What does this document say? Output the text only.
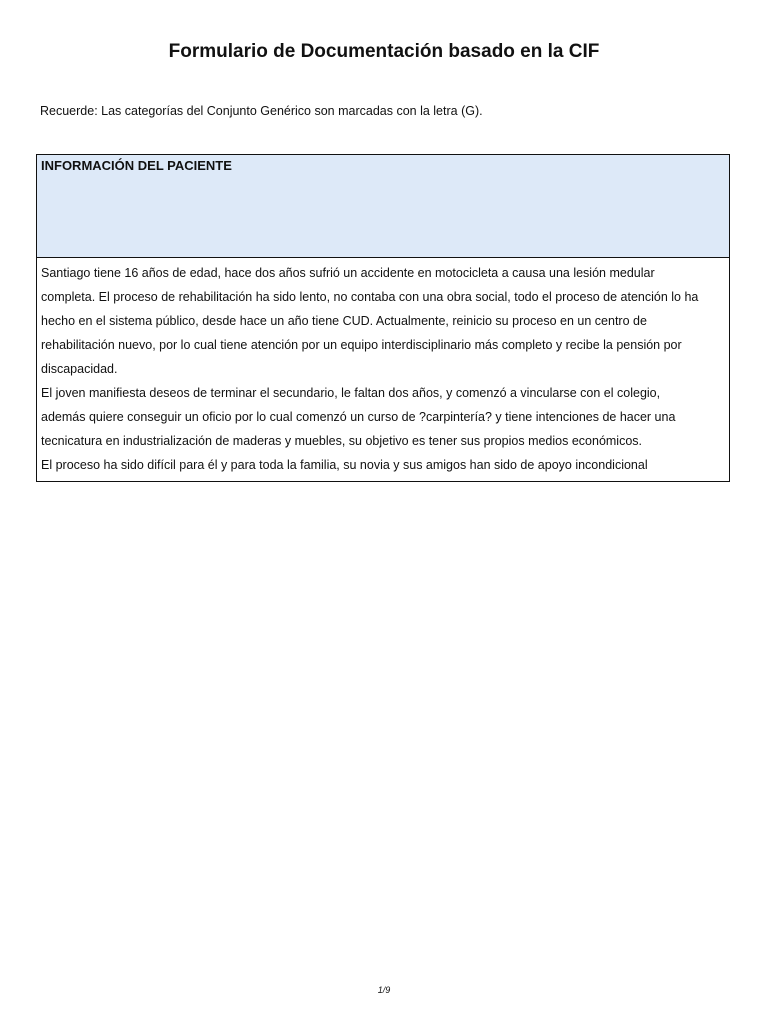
Formulario de Documentación basado en la CIF

Recuerde: Las categorías del Conjunto Genérico son marcadas con la letra (G).

INFORMACIÓN DEL PACIENTE
Santiago tiene 16 años de edad, hace dos años sufrió un accidente en motocicleta a causa una lesión medular
completa. El proceso de rehabilitación ha sido lento, no contaba con una obra social, todo el proceso de atención lo ha
hecho en el sistema público, desde hace un año tiene CUD. Actualmente, reinicio su proceso en un centro de
rehabilitación nuevo, por lo cual tiene atención por un equipo interdisciplinario más completo y recibe la pensión por
discapacidad.
El joven manifiesta deseos de terminar el secundario, le faltan dos años, y comenzó a vincularse con el colegio,
además quiere conseguir un oficio por lo cual comenzó un curso de ?carpintería? y tiene intenciones de hacer una
tecnicatura en industrialización de maderas y muebles, su objetivo es tener sus propios medios económicos.
El proceso ha sido difícil para él y para toda la familia, su novia y sus amigos han sido de apoyo incondicional
1/9
